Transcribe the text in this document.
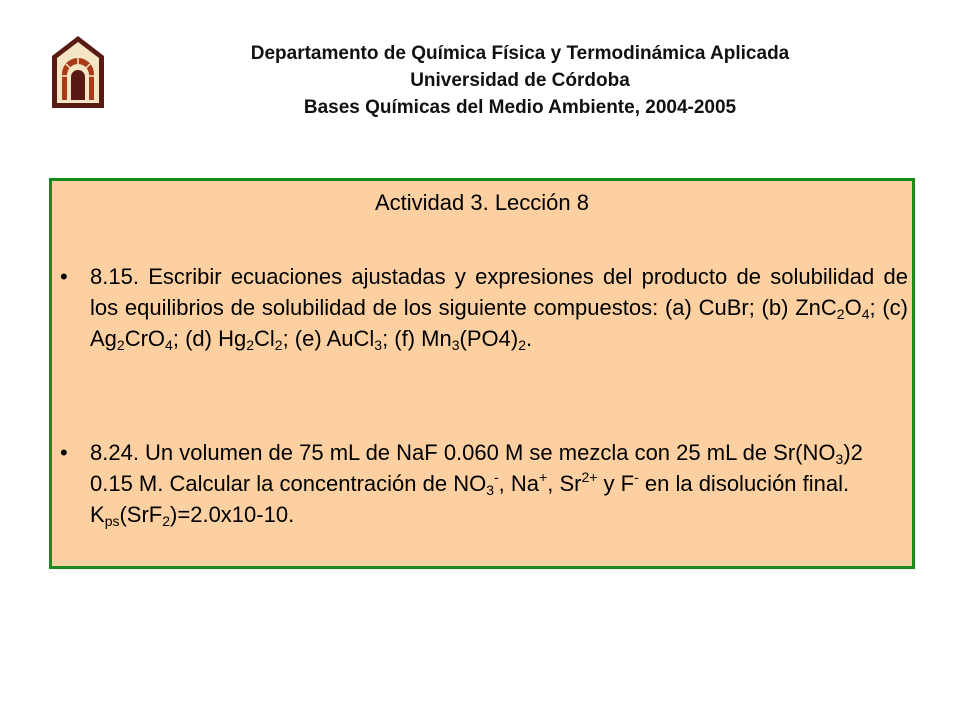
Departamento de Química Física y Termodinámica Aplicada
Universidad de Córdoba
Bases Químicas del Medio Ambiente, 2004-2005
Actividad 3. Lección 8
• 8.15. Escribir ecuaciones ajustadas y expresiones del producto de solubilidad de los equilibrios de solubilidad de los siguiente compuestos: (a) CuBr; (b) $ZnC_2O_4$; (c) $Ag_2CrO_4$; (d) $Hg_2Cl_2$; (e) AuCl$_3$; (f) $Mn_3(PO4)_2$.
• 8.24. Un volumen de 75 mL de NaF 0.060 M se mezcla con 25 mL de $Sr(NO_3)2$ 0.15 M. Calcular la concentración de $NO_3^-$, Na+, $Sr^{2+}$ y F- en la disolución final. $K_{ps}(SrF_2)=2.0x10-10$.
